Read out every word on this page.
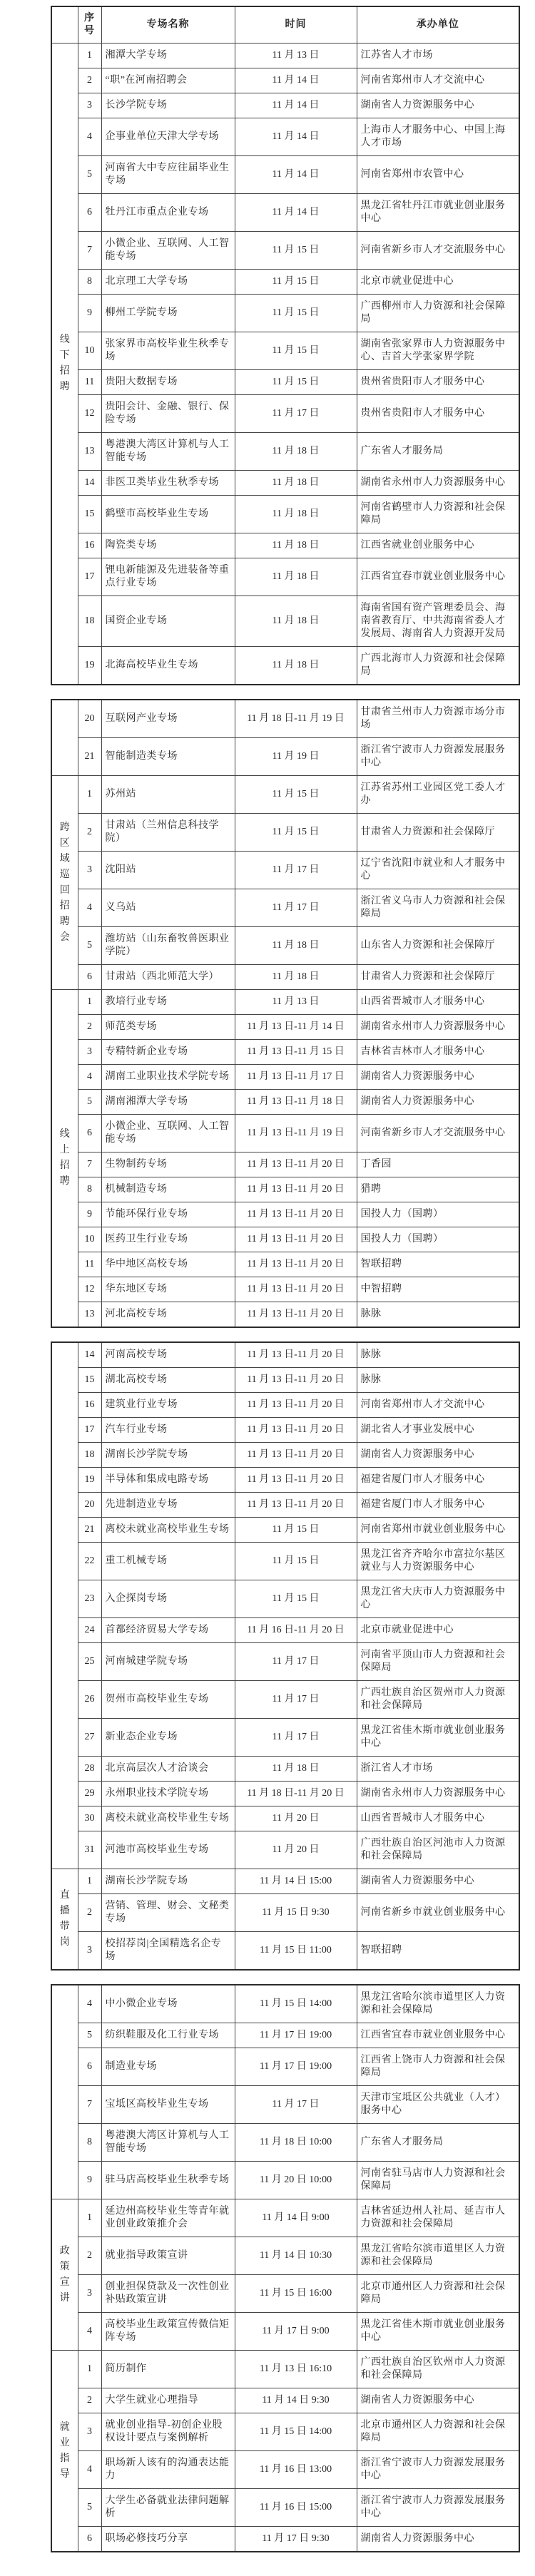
	序号	专场名称	时间	承办单位

线
下
招
聘	1	湘潭大学专场	11 月 13 日	江苏省人才市场
	2	“职”在河南招聘会	11 月 14 日	河南省郑州市人才交流中心
	3	长沙学院专场	11 月 14 日	湖南省人力资源服务中心
	4	企事业单位天津大学专场	11 月 14 日	上海市人才服务中心、中国上海人才市场
	5	河南省大中专应往届毕业生专场	11 月 14 日	河南省郑州市农管中心
	6	牡丹江市重点企业专场	11 月 14 日	黑龙江省牡丹江市就业创业服务中心
	7	小微企业、互联网、人工智能专场	11 月 15 日	河南省新乡市人才交流服务中心
	8	北京理工大学专场	11 月 15 日	北京市就业促进中心
	9	柳州工学院专场	11 月 15 日	广西柳州市人力资源和社会保障局
	10	张家界市高校毕业生秋季专场	11 月 15 日	湖南省张家界市人力资源服务中心、吉首大学张家界学院
	11	贵阳大数据专场	11 月 15 日	贵州省贵阳市人才服务中心
	12	贵阳会计、金融、银行、保险专场	11 月 17 日	贵州省贵阳市人才服务中心
	13	粤港澳大湾区计算机与人工智能专场	11 月 18 日	广东省人才服务局
	14	非医卫类毕业生秋季专场	11 月 18 日	湖南省永州市人力资源服务中心
	15	鹤壁市高校毕业生专场	11 月 18 日	河南省鹤壁市人力资源和社会保障局
	16	陶瓷类专场	11 月 18 日	江西省就业创业服务中心
	17	锂电新能源及先进装备等重点行业专场	11 月 18 日	江西省宜春市就业创业服务中心
	18	国资企业专场	11 月 18 日	海南省国有资产管理委员会、海南省教育厅、中共海南省委人才发展局、海南省人力资源开发局
	19	北海高校毕业生专场	11 月 18 日	广西北海市人力资源和社会保障局
	20	互联网产业专场	11 月 18 日-11 月 19 日	甘肃省兰州市人力资源市场分市场
	21	智能制造类专场	11 月 19 日	浙江省宁波市人力资源发展服务中心

跨
区
域
巡
回
招
聘
会
	1	苏州站	11 月 15 日	江苏省苏州工业园区党工委人才办
	2	甘肃站（兰州信息科技学院）	11 月 15 日	甘肃省人力资源和社会保障厅
	3	沈阳站	11 月 17 日	辽宁省沈阳市就业和人才服务中心
	4	义乌站	11 月 17 日	浙江省义乌市人力资源和社会保障局
	5	潍坊站（山东畜牧兽医职业学院）	11 月 18 日	山东省人力资源和社会保障厅
	6	甘肃站（西北师范大学）	11 月 18 日	甘肃省人力资源和社会保障厅

线
上
招
聘	1	教培行业专场	11 月 13 日	山西省晋城市人才服务中心
	2	师范类专场	11 月 13 日-11 月 14 日	湖南省永州市人力资源服务中心
	3	专精特新企业专场	11 月 13 日-11 月 15 日	吉林省吉林市人才服务中心
	4	湖南工业职业技术学院专场	11 月 13 日-11 月 17 日	湖南省人力资源服务中心
	5	湖南湘潭大学专场	11 月 13 日-11 月 18 日	湖南省人力资源服务中心
	6	小微企业、互联网、人工智能专场	11 月 13 日-11 月 19 日	河南省新乡市人才交流服务中心
	7	生物制药专场	11 月 13 日-11 月 20 日	丁香园
	8	机械制造专场	11 月 13 日-11 月 20 日	猎聘
	9	节能环保行业专场	11 月 13 日-11 月 20 日	国投人力（国聘）
	10	医药卫生行业专场	11 月 13 日-11 月 20 日	国投人力（国聘）
	11	华中地区高校专场	11 月 13 日-11 月 20 日	智联招聘
	12	华东地区专场	11 月 13 日-11 月 20 日	中智招聘
	13	河北高校专场	11 月 13 日-11 月 20 日	脉脉
	14	河南高校专场	11 月 13 日-11 月 20 日	脉脉
	15	湖北高校专场	11 月 13 日-11 月 20 日	脉脉
	16	建筑业行业专场	11 月 13 日-11 月 20 日	河南省郑州市人才交流中心
	17	汽车行业专场	11 月 13 日-11 月 20 日	湖北省人才事业发展中心
	18	湖南长沙学院专场	11 月 13 日-11 月 20 日	湖南省人力资源服务中心
	19	半导体和集成电路专场	11 月 13 日-11 月 20 日	福建省厦门市人才服务中心
	20	先进制造业专场	11 月 13 日-11 月 20 日	福建省厦门市人才服务中心
	21	离校未就业高校毕业生专场	11 月 15 日	河南省郑州市就业创业服务中心
	22	重工机械专场	11 月 15 日	黑龙江省齐齐哈尔市富拉尔基区就业与人力资源服务中心
	23	入企探岗专场	11 月 15 日	黑龙江省大庆市人力资源服务中心
	24	首都经济贸易大学专场	11 月 16 日-11 月 20 日	北京市就业促进中心
	25	河南城建学院专场	11 月 17 日	河南省平顶山市人力资源和社会保障局
	26	贺州市高校毕业生专场	11 月 17 日	广西壮族自治区贺州市人力资源和社会保障局
	27	新业态企业专场	11 月 17 日	黑龙江省佳木斯市就业创业服务中心
	28	北京高层次人才洽谈会	11 月 18 日	浙江省人才市场
	29	永州职业技术学院专场	11 月 18 日-11 月 20 日	湖南省永州市人力资源服务中心
	30	离校未就业高校毕业生专场	11 月 20 日	山西省晋城市人才服务中心
	31	河池市高校毕业生专场	11 月 20 日	广西壮族自治区河池市人力资源和社会保障局

直
播
带
岗	1	湖南长沙学院专场	11 月 14 日 15:00	湖南省人力资源服务中心
	2	营销、管理、财会、文秘类专场	11 月 15 日 9:30	河南省新乡市就业创业服务中心
	3	校招荐岗|全国精选名企专场	11 月 15 日 11:00	智联招聘
	4	中小微企业专场	11 月 15 日 14:00	黑龙江省哈尔滨市道里区人力资源和社会保障局
	5	纺织鞋服及化工行业专场	11 月 17 日 19:00	江西省宜春市就业创业服务中心
	6	制造业专场	11 月 17 日 19:00	江西省上饶市人力资源和社会保障局
	7	宝坻区高校毕业生专场	11 月 17 日	天津市宝坻区公共就业（人才）服务中心
	8	粤港澳大湾区计算机与人工智能专场	11 月 18 日 10:00	广东省人才服务局
	9	驻马店高校毕业生秋季专场	11 月 20 日 10:00	河南省驻马店市人力资源和社会保障局

政
策
宣
讲	1	延边州高校毕业生等青年就业创业政策推介会	11 月 14 日 9:00	吉林省延边州人社局、延吉市人力资源和社会保障局
	2	就业指导政策宣讲	11 月 14 日 10:30	黑龙江省哈尔滨市道里区人力资源和社会保障局
	3	创业担保贷款及一次性创业补贴政策宣讲	11 月 15 日 16:00	北京市通州区人力资源和社会保障局
	4	高校毕业生政策宣传微信矩阵专场	11 月 17 日 9:00	黑龙江省佳木斯市就业创业服务中心

就
业
指
导	1	简历制作	11 月 13 日 16:10	广西壮族自治区钦州市人力资源和社会保障局
	2	大学生就业心理指导	11 月 14 日 9:30	湖南省人力资源服务中心
	3	就业创业指导-初创企业股权设计要点与案例解析	11 月 15 日 14:00	北京市通州区人力资源和社会保障局
	4	职场新人该有的沟通表达能力	11 月 16 日 13:00	浙江省宁波市人力资源发展服务中心
	5	大学生必备就业法律问题解析	11 月 16 日 15:00	浙江省宁波市人力资源发展服务中心
	6	职场必修技巧分享	11 月 17 日 9:30	湖南省人力资源服务中心
